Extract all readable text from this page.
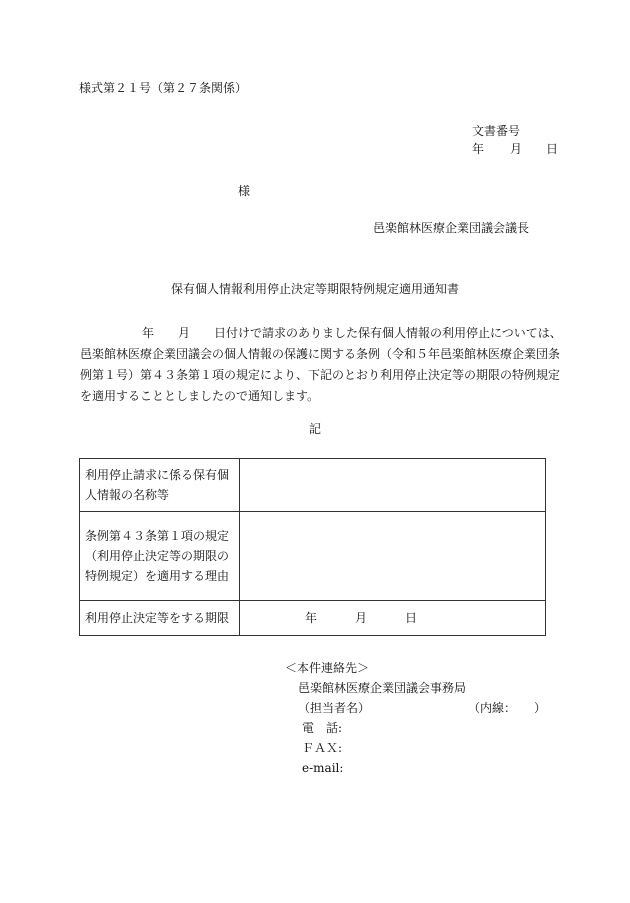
様式第２１号（第２７条関係）
文書番号
年 月 日
様
邑楽館林医療企業団議会議長
保有個人情報利用停止決定等期限特例規定適用通知書
年　　月　　日付けで請求のありました保有個人情報の利用停止については、
邑楽館林医療企業団議会の個人情報の保護に関する条例（令和５年邑楽館林医療企業団条
例第１号）第４３条第１項の規定により、下記のとおり利用停止決定等の期限の特例規定
を適用することとしましたので通知します。
記
利用停止請求に係る保有個
人情報の名称等	

条例第４３条第１項の規定
（利用停止決定等の期限の
特例規定）を適用する理由	

利用停止決定等をする期限	年 月 日
＜本件連絡先＞
邑楽館林医療企業団議会事務局
（担当者名）	（内線：　　）
電　話:
ＦＡＸ:
e-mail:
